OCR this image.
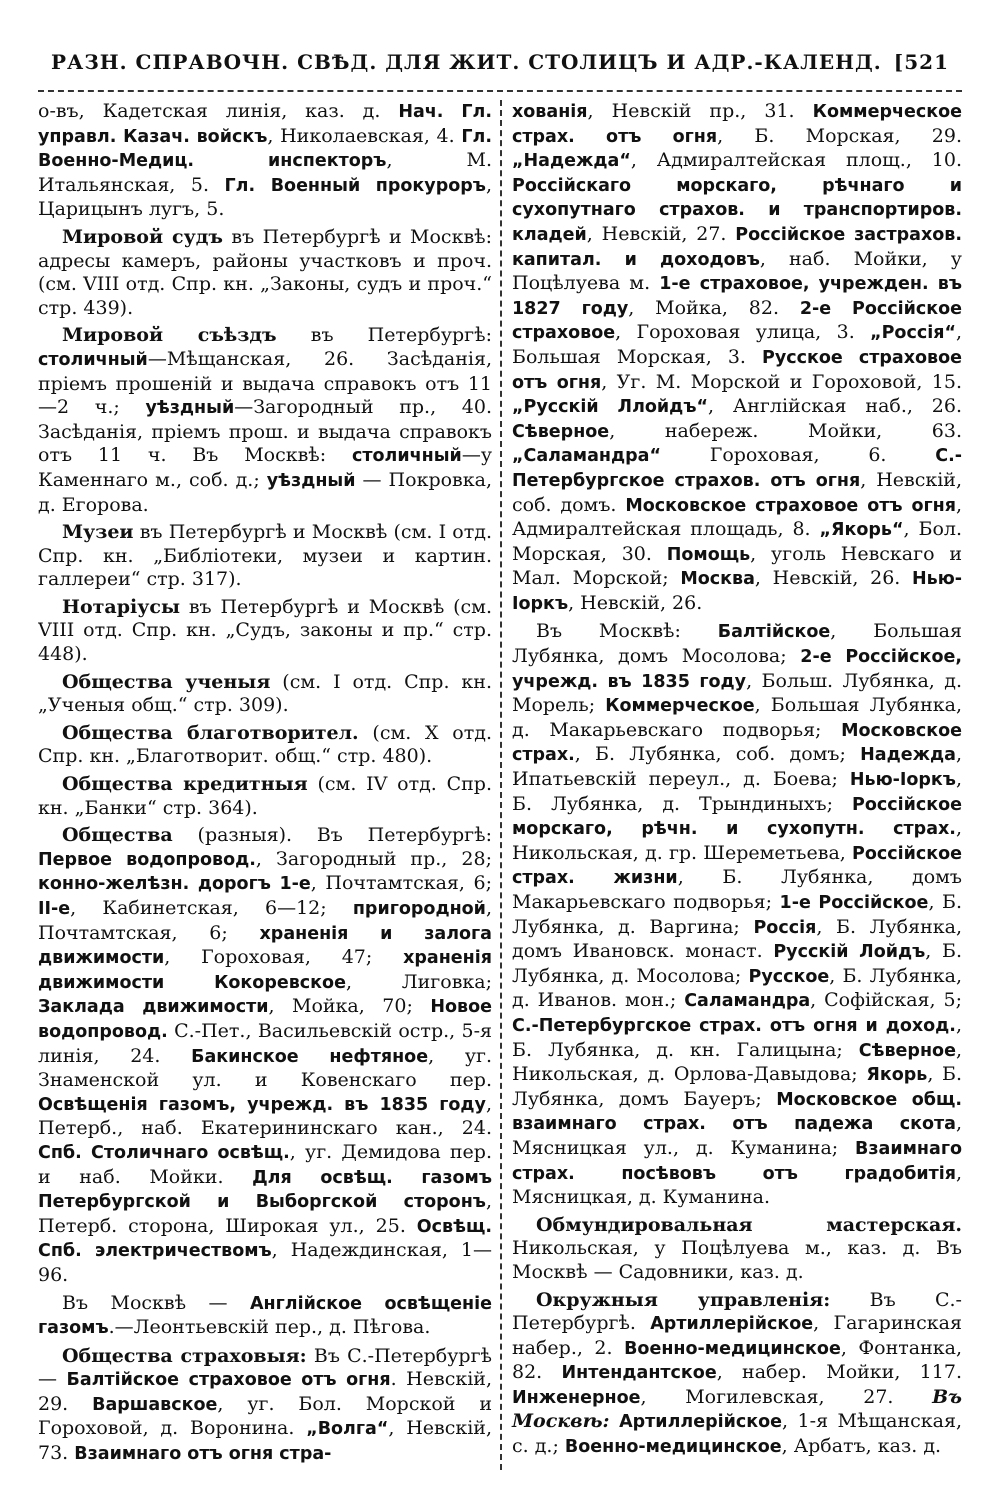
РАЗН. СПРАВОЧН. СВѢД. ДЛЯ ЖИТ. СТОЛИЦЪ И АДР.-КАЛЕНД. [521

о-въ, Кадетская линія, каз. д. Нач. Гл. управл. Казач. войскъ, Николаевская, 4. Гл. Военно-Медиц. инспекторъ, М. Итальянская, 5. Гл. Военный прокуроръ, Царицынъ лугъ, 5.

Мировой судъ въ Петербургѣ и Москвѣ: адресы камеръ, районы участковъ и проч. (см. VIII отд. Спр. кн. „Законы, судъ и проч.“ стр. 439).

Мировой съѣздъ въ Петербургѣ: столичный—Мѣщанская, 26. Засѣданія, пріемъ прошеній и выдача справокъ отъ 11—2 ч.; уѣздный—Загородный пр., 40. Засѣданія, пріемъ прош. и выдача справокъ отъ 11 ч. Въ Москвѣ: столичный—у Каменнаго м., соб. д.; уѣздный — Покровка, д. Егорова.

Музеи въ Петербургѣ и Москвѣ (см. I отд. Спр. кн. „Библіотеки, музеи и картин. галлереи“ стр. 317).

Нотаріусы въ Петербургѣ и Москвѣ (см. VIII отд. Спр. кн. „Судъ, законы и пр.“ стр. 448).

Общества ученыя (см. I отд. Спр. кн. „Ученыя общ.“ стр. 309).

Общества благотворител. (см. X отд. Спр. кн. „Благотворит. общ.“ стр. 480).

Общества кредитныя (см. IV отд. Спр. кн. „Банки“ стр. 364).

Общества (разныя). Въ Петербургѣ: Первое водопровод., Загородный пр., 28; конно-желѣзн. дорогъ 1-е, Почтамтская, 6; II-е, Кабинетская, 6—12; пригородной, Почтамтская, 6; храненія и залога движимости, Гороховая, 47; храненія движимости Кокоревское, Лиговка; Заклада движимости, Мойка, 70; Новое водопровод. С.-Пет., Васильевскій остр., 5-я линія, 24. Бакинское нефтяное, уг. Знаменской ул. и Ковенскаго пер. Освѣщенія газомъ, учрежд. въ 1835 году, Петерб., наб. Екатерининскаго кан., 24. Спб. Столичнаго освѣщ., уг. Демидова пер. и наб. Мойки. Для освѣщ. газомъ Петербургской и Выборгской сторонъ, Петерб. сторона, Широкая ул., 25. Освѣщ. Спб. электричествомъ, Надеждинская, 1—96.

Въ Москвѣ — Англійское освѣщеніе газомъ.—Леонтьевскій пер., д. Пѣгова.

Общества страховыя: Въ С.-Петербургѣ — Балтійское страховое отъ огня. Невскій, 29. Варшавское, уг. Бол. Морской и Гороховой, д. Воронина. „Волга“, Невскій, 73. Взаимнаго отъ огня стра-

хованія, Невскій пр., 31. Коммерческое страх. отъ огня, Б. Морская, 29. „Надежда“, Адмиралтейская площ., 10. Россійскаго морскаго, рѣчнаго и сухопутнаго страхов. и транспортиров. кладей, Невскій, 27. Россійское застрахов. капитал. и доходовъ, наб. Мойки, у Поцѣлуева м. 1-е страховое, учрежден. въ 1827 году, Мойка, 82. 2-е Россійское страховое, Гороховая улица, 3. „Россія“, Большая Морская, 3. Русское страховое отъ огня, Уг. М. Морской и Гороховой, 15. „Русскій Ллойдъ“, Англійская наб., 26. Сѣверное, набереж. Мойки, 63. „Саламандра“ Гороховая, 6. С.-Петербургское страхов. отъ огня, Невскій, соб. домъ. Московское страховое отъ огня, Адмиралтейская площадь, 8. „Якорь“, Бол. Морская, 30. Помощь, уголь Невскаго и Мал. Морской; Москва, Невскій, 26. Нью-Іоркъ, Невскій, 26.

Въ Москвѣ: Балтійское, Большая Лубянка, домъ Мосолова; 2-е Россійское, учрежд. въ 1835 году, Больш. Лубянка, д. Морель; Коммерческое, Большая Лубянка, д. Макарьевскаго подворья; Московское страх., Б. Лубянка, соб. домъ; Надежда, Ипатьевскій переул., д. Боева; Нью-Іоркъ, Б. Лубянка, д. Трындиныхъ; Россійское морскаго, рѣчн. и сухопутн. страх., Никольская, д. гр. Шереметьева, Россійское страх. жизни, Б. Лубянка, домъ Макарьевскаго подворья; 1-е Россійское, Б. Лубянка, д. Варгина; Россія, Б. Лубянка, домъ Ивановск. монаст. Русскій Лойдъ, Б. Лубянка, д. Мосолова; Русское, Б. Лубянка, д. Иванов. мон.; Саламандра, Софійская, 5; С.-Петербургское страх. отъ огня и доход., Б. Лубянка, д. кн. Галицына; Сѣверное, Никольская, д. Орлова-Давыдова; Якорь, Б. Лубянка, домъ Бауеръ; Московское общ. взаимнаго страх. отъ падежа скота, Мясницкая ул., д. Куманина; Взаимнаго страх. посѣвовъ отъ градобитія, Мясницкая, д. Куманина.

Обмундировальная мастерская. Никольская, у Поцѣлуева м., каз. д. Въ Москвѣ — Садовники, каз. д.

Окружныя управленія: Въ С.-Петербургѣ. Артиллерійское, Гагаринская набер., 2. Военно-медицинское, Фонтанка, 82. Интендантское, набер. Мойки, 117. Инженерное, Могилевская, 27. Въ Москвѣ: Артиллерійское, 1-я Мѣщанская, с. д.; Военно-медицинское, Арбатъ, каз. д.
